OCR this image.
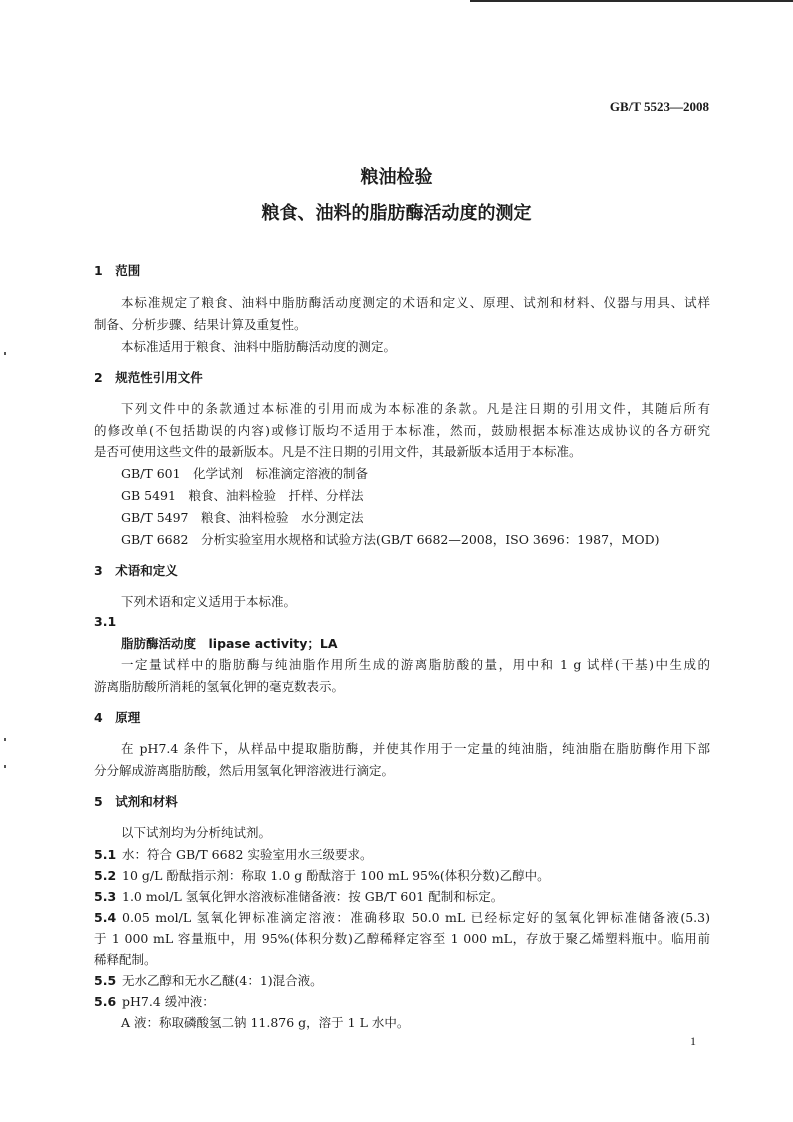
GB/T 5523—2008
粮油检验
粮食、油料的脂肪酶活动度的测定
1　范围
本标准规定了粮食、油料中脂肪酶活动度测定的术语和定义、原理、试剂和材料、仪器与用具、试样
制备、分析步骤、结果计算及重复性。
本标准适用于粮食、油料中脂肪酶活动度的测定。
2　规范性引用文件
下列文件中的条款通过本标准的引用而成为本标准的条款。凡是注日期的引用文件，其随后所有
的修改单(不包括勘误的内容)或修订版均不适用于本标准，然而，鼓励根据本标准达成协议的各方研究
是否可使用这些文件的最新版本。凡是不注日期的引用文件，其最新版本适用于本标准。
GB/T 601　化学试剂　标准滴定溶液的制备
GB 5491　粮食、油料检验　扦样、分样法
GB/T 5497　粮食、油料检验　水分测定法
GB/T 6682　分析实验室用水规格和试验方法(GB/T 6682—2008，ISO 3696：1987，MOD)
3　术语和定义
下列术语和定义适用于本标准。
3.1
脂肪酶活动度　lipase activity；LA
一定量试样中的脂肪酶与纯油脂作用所生成的游离脂肪酸的量，用中和 1 g 试样(干基)中生成的
游离脂肪酸所消耗的氢氧化钾的毫克数表示。
4　原理
在 pH7.4 条件下，从样品中提取脂肪酶，并使其作用于一定量的纯油脂，纯油脂在脂肪酶作用下部
分分解成游离脂肪酸，然后用氢氧化钾溶液进行滴定。
5　试剂和材料
以下试剂均为分析纯试剂。
5.1 水：符合 GB/T 6682 实验室用水三级要求。
5.2 10 g/L 酚酞指示剂：称取 1.0 g 酚酞溶于 100 mL 95%(体积分数)乙醇中。
5.3 1.0 mol/L 氢氧化钾水溶液标准储备液：按 GB/T 601 配制和标定。
5.4 0.05 mol/L 氢氧化钾标准滴定溶液：准确移取 50.0 mL 已经标定好的氢氧化钾标准储备液(5.3)
于 1 000 mL 容量瓶中，用 95%(体积分数)乙醇稀释定容至 1 000 mL，存放于聚乙烯塑料瓶中。临用前
稀释配制。
5.5 无水乙醇和无水乙醚(4：1)混合液。
5.6 pH7.4 缓冲液：
A 液：称取磷酸氢二钠 11.876 g，溶于 1 L 水中。
1
